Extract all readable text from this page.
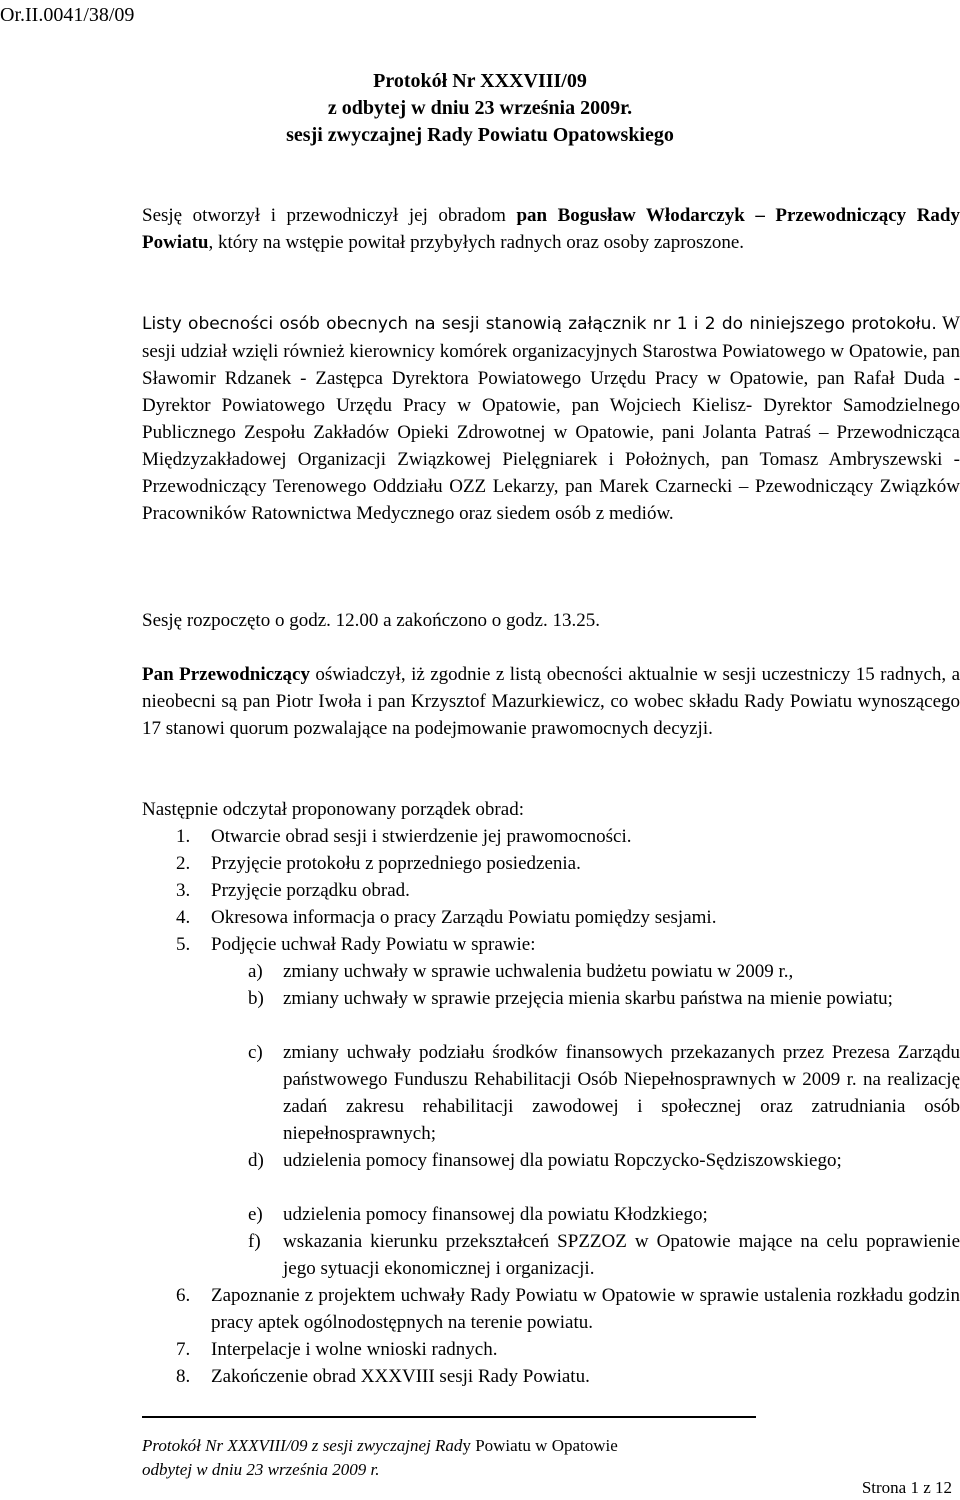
Or.II.0041/38/09
Protokół Nr XXXVIII/09
z odbytej w dniu 23 września 2009r.
sesji zwyczajnej Rady Powiatu Opatowskiego
Sesję otworzył i przewodniczył jej obradom pan Bogusław Włodarczyk – Przewodniczący Rady Powiatu, który na wstępie powitał przybyłych radnych oraz osoby zaproszone.
Listy obecności osób obecnych na sesji stanowią załącznik nr 1 i 2 do niniejszego protokołu. W sesji udział wzięli również kierownicy komórek organizacyjnych Starostwa Powiatowego w Opatowie, pan Sławomir Rdzanek - Zastępca Dyrektora Powiatowego Urzędu Pracy w Opatowie, pan Rafał Duda - Dyrektor Powiatowego Urzędu Pracy w Opatowie, pan Wojciech Kielisz- Dyrektor Samodzielnego Publicznego Zespołu Zakładów Opieki Zdrowotnej w Opatowie, pani Jolanta Patraś – Przewodnicząca Międzyzakładowej Organizacji Związkowej Pielęgniarek i Położnych, pan Tomasz Ambryszewski - Przewodniczący Terenowego Oddziału OZZ Lekarzy, pan Marek Czarnecki – Pzewodniczący Związków Pracowników Ratownictwa Medycznego oraz siedem osób z mediów.
Sesję rozpoczęto o godz. 12.00 a zakończono o godz. 13.25.
Pan Przewodniczący oświadczył, iż zgodnie z listą obecności aktualnie w sesji uczestniczy 15 radnych, a nieobecni są pan Piotr Iwoła i pan Krzysztof Mazurkiewicz, co wobec składu Rady Powiatu wynoszącego 17 stanowi quorum pozwalające na podejmowanie prawomocnych decyzji.
Następnie odczytał proponowany porządek obrad:
1. Otwarcie obrad sesji i stwierdzenie jej prawomocności.
2. Przyjęcie protokołu z poprzedniego posiedzenia.
3. Przyjęcie porządku obrad.
4. Okresowa informacja o pracy Zarządu Powiatu pomiędzy sesjami.
5. Podjęcie uchwał Rady Powiatu w sprawie:
a) zmiany uchwały w sprawie uchwalenia budżetu powiatu w 2009 r.,
b) zmiany uchwały w sprawie przejęcia mienia skarbu państwa na mienie powiatu;
c) zmiany uchwały podziału środków finansowych przekazanych przez Prezesa Zarządu państwowego Funduszu Rehabilitacji Osób Niepełnosprawnych w 2009 r. na realizację zadań zakresu rehabilitacji zawodowej i społecznej oraz zatrudniania osób niepełnosprawnych;
d) udzielenia pomocy finansowej dla powiatu Ropczycko-Sędziszowskiego;
e) udzielenia pomocy finansowej dla powiatu Kłodzkiego;
f) wskazania kierunku przekształceń SPZZOZ w Opatowie mające na celu poprawienie jego sytuacji ekonomicznej i organizacji.
6. Zapoznanie z projektem uchwały Rady Powiatu w Opatowie w sprawie ustalenia rozkładu godzin pracy aptek ogólnodostępnych na terenie powiatu.
7. Interpelacje i wolne wnioski radnych.
8. Zakończenie obrad XXXVIII sesji Rady Powiatu.
Protokół Nr XXXVIII/09 z sesji zwyczajnej Rady Powiatu w Opatowie
odbytej w dniu 23 września 2009 r.
Strona 1 z 12
